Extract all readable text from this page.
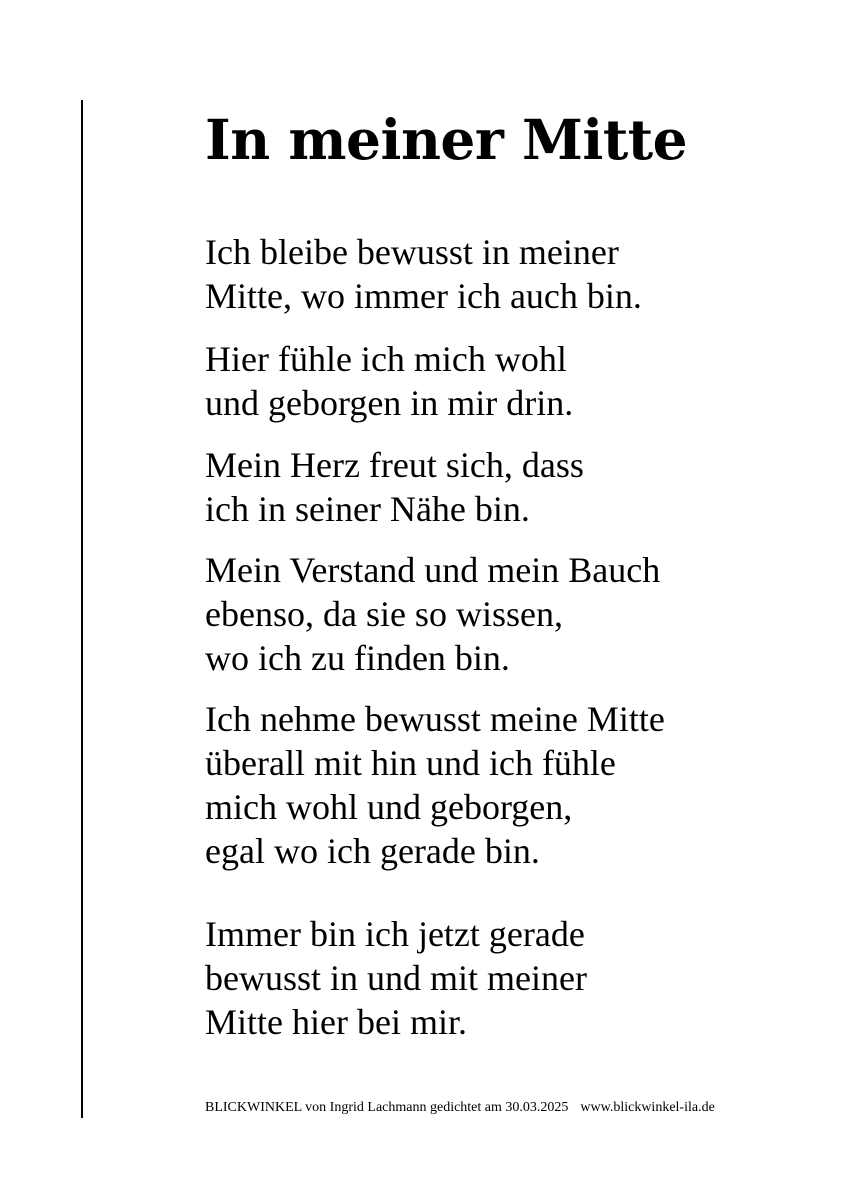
In meiner Mitte
Ich bleibe bewusst in meiner
Mitte, wo immer ich auch bin.
Hier fühle ich mich wohl
und geborgen in mir drin.
Mein Herz freut sich, dass
ich in seiner Nähe bin.
Mein Verstand und mein Bauch
ebenso, da sie so wissen,
wo ich zu finden bin.
Ich nehme bewusst meine Mitte
überall mit hin und ich fühle
mich wohl und geborgen,
egal wo ich gerade bin.
Immer bin ich jetzt gerade
bewusst in und mit meiner
Mitte hier bei mir.
BLICKWINKEL von Ingrid Lachmann gedichtet am 30.03.2025 www.blickwinkel-ila.de
